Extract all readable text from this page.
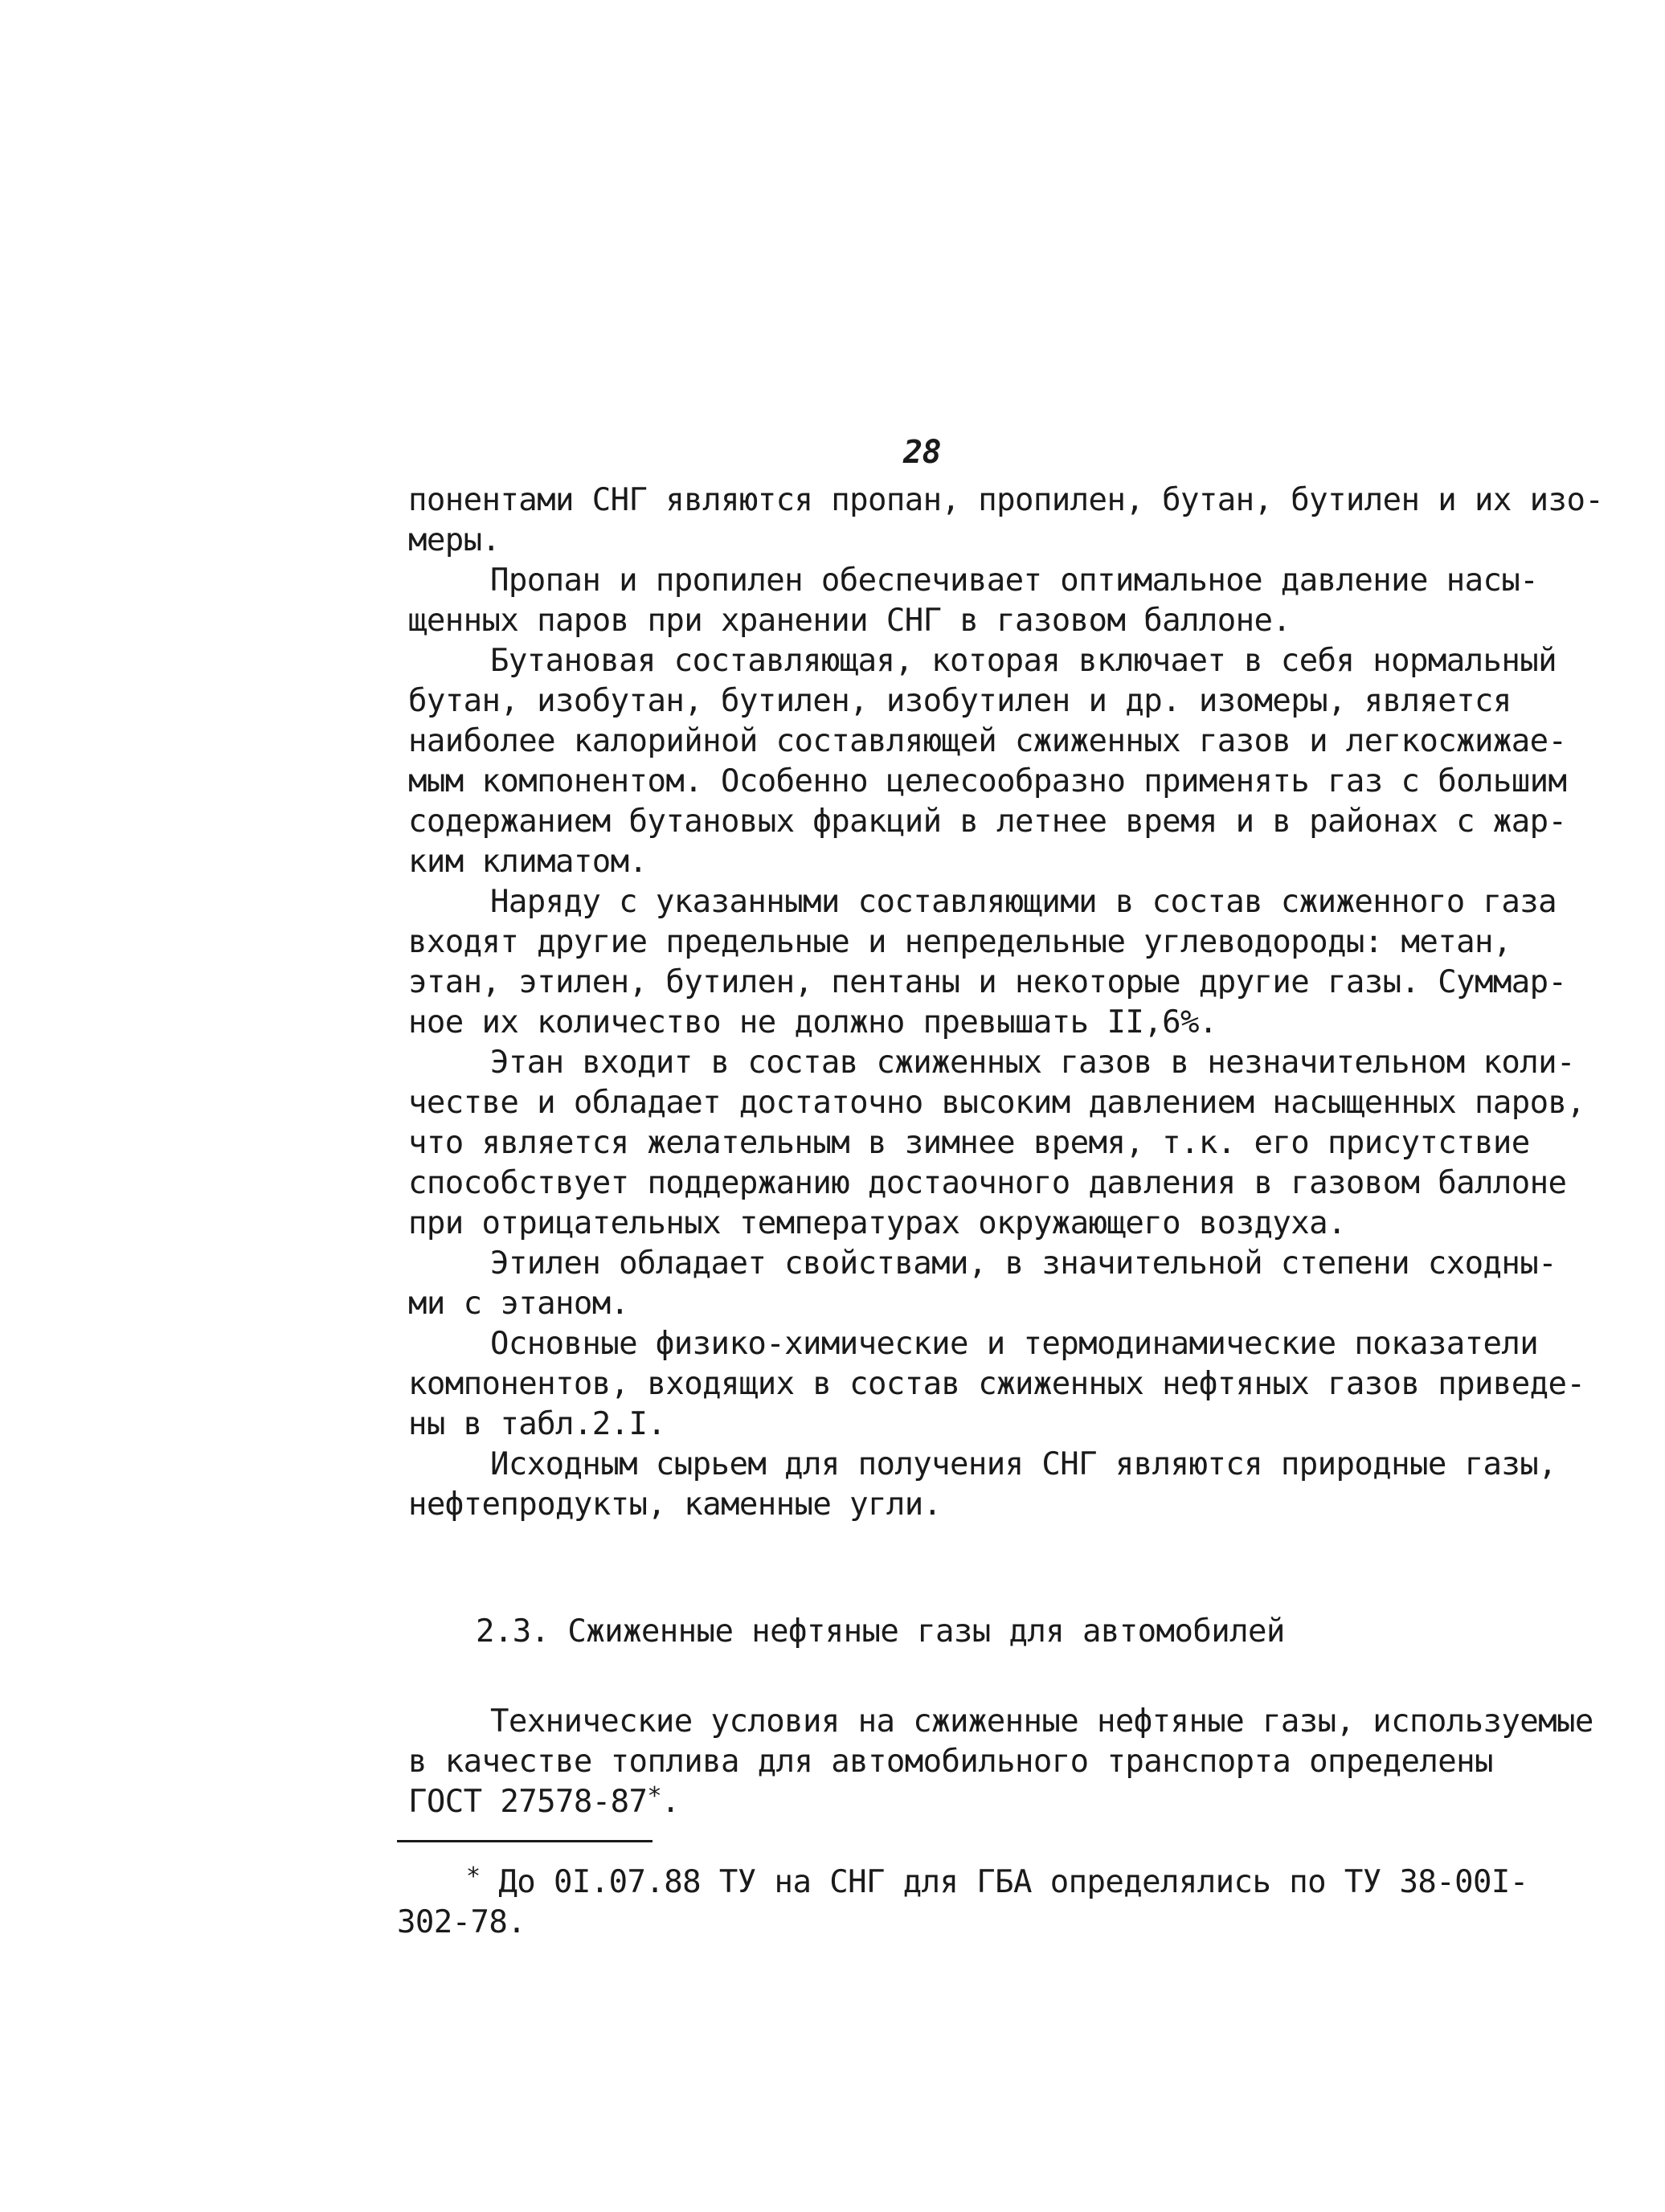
28
понентами СНГ являются пропан, пропилен, бутан, бутилен и их изо-
меры.
Пропан и пропилен обеспечивает оптимальное давление насы-
щенных паров при хранении СНГ в газовом баллоне.
Бутановая составляющая, которая включает в себя нормальный
бутан, изобутан, бутилен, изобутилен и др. изомеры, является
наиболее калорийной составляющей сжиженных газов и легкосжижае-
мым компонентом. Особенно целесообразно применять газ с большим
содержанием бутановых фракций в летнее время и в районах с жар-
ким климатом.
Наряду с указанными составляющими в состав сжиженного газа
входят другие предельные и непредельные углеводороды: метан,
этан, этилен, бутилен, пентаны и некоторые другие газы. Суммар-
ное их количество не должно превышать II,6%.
Этан входит в состав сжиженных газов в незначительном коли-
честве и обладает достаточно высоким давлением насыщенных паров,
что является желательным в зимнее время, т.к. его присутствие
способствует поддержанию достаочного давления в газовом баллоне
при отрицательных температурах окружающего воздуха.
Этилен обладает свойствами, в значительной степени сходны-
ми с этаном.
Основные физико-химические и термодинамические показатели
компонентов, входящих в состав сжиженных нефтяных газов приведе-
ны в табл.2.I.
Исходным сырьем для получения СНГ являются природные газы,
нефтепродукты, каменные угли.
2.3. Сжиженные нефтяные газы для автомобилей
Технические условия на сжиженные нефтяные газы, используемые
в качестве топлива для автомобильного транспорта определены
ГОСТ 27578-87*.
* До 0I.07.88 ТУ на СНГ для ГБА определялись по ТУ 38-00I-
302-78.
